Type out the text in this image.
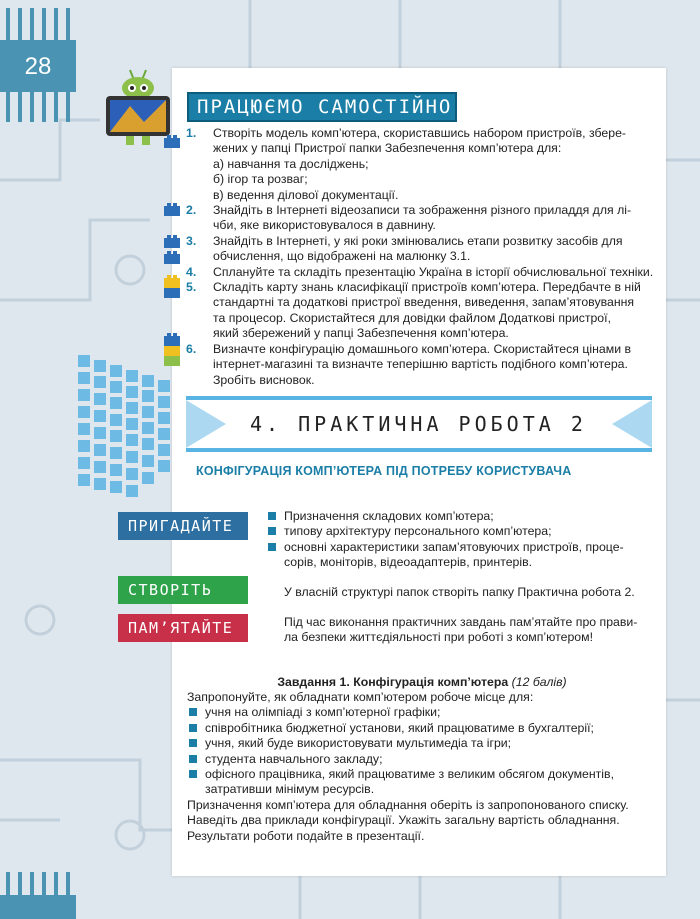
28
ПРАЦЮЄМО САМОСТІЙНО
1. Створіть модель комп’ютера, скориставшись набором пристроїв, збере-
жених у папці Пристрої папки Забезпечення комп’ютера для:
а) навчання та досліджень;
б) ігор та розваг;
в) ведення ділової документації.
2. Знайдіть в Інтернеті відеозаписи та зображення різного приладдя для лі-
чби, яке використовувалося в давнину.
3. Знайдіть в Інтернеті, у які роки змінювались етапи розвитку засобів для
обчислення, що відображені на малюнку 3.1.
4. Сплануйте та складіть презентацію Україна в історії обчислювальної техніки.
5. Складіть карту знань класифікації пристроїв комп’ютера. Передбачте в ній
стандартні та додаткові пристрої введення, виведення, запам’ятовування
та процесор. Скористайтеся для довідки файлом Додаткові пристрої,
який збережений у папці Забезпечення комп’ютера.
6. Визначте конфігурацію домашнього комп’ютера. Скористайтеся цінами в
інтернет-магазині та визначте теперішню вартість подібного комп’ютера.
Зробіть висновок.
4. ПРАКТИЧНА РОБОТА 2
КОНФІГУРАЦІЯ КОМП’ЮТЕРА ПІД ПОТРЕБУ КОРИСТУВАЧА
ПРИГАДАЙТЕ
Призначення складових комп’ютера;
типову архітектуру персонального комп’ютера;
основні характеристики запам’ятовуючих пристроїв, проце-
сорів, моніторів, відеоадаптерів, принтерів.
СТВОРІТЬ	У власній структурі папок створіть папку Практична робота 2.
ПАМ’ЯТАЙТЕ	Під час виконання практичних завдань пам’ятайте про прави-
ла безпеки життєдіяльності при роботі з комп’ютером!
Завдання 1. Конфігурація комп’ютера (12 балів)
Запропонуйте, як обладнати комп’ютером робоче місце для:
учня на олімпіаді з комп’ютерної графіки;
співробітника бюджетної установи, який працюватиме в бухгалтерії;
учня, який буде використовувати мультимедіа та ігри;
студента навчального закладу;
офісного працівника, який працюватиме з великим обсягом документів,
затративши мінімум ресурсів.
Призначення комп’ютера для обладнання оберіть із запропонованого списку.
Наведіть два приклади конфігурації. Укажіть загальну вартість обладнання.
Результати роботи подайте в презентації.
